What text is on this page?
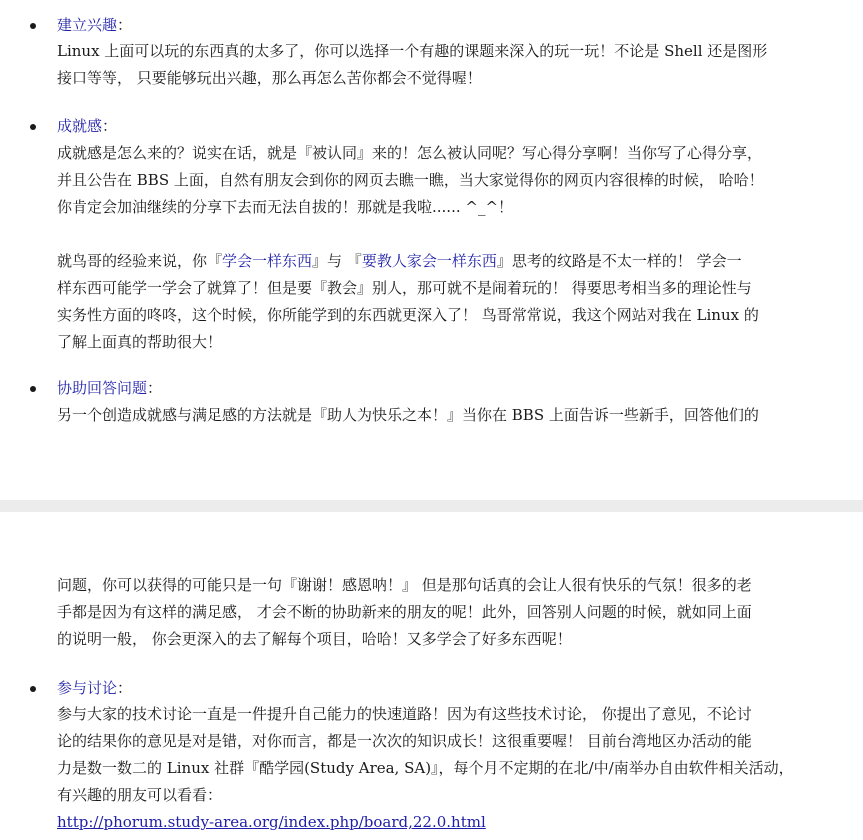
建立兴趣：
Linux 上面可以玩的东西真的太多了，你可以选择一个有趣的课题来深入的玩一玩！不论是 Shell 还是图形
接口等等， 只要能够玩出兴趣，那么再怎么苦你都会不觉得喔！
成就感：
成就感是怎么来的？说实在话，就是『被认同』来的！怎么被认同呢？写心得分享啊！当你写了心得分享，
并且公告在 BBS 上面，自然有朋友会到你的网页去瞧一瞧，当大家觉得你的网页内容很棒的时候， 哈哈！
你肯定会加油继续的分享下去而无法自拔的！那就是我啦...... ^_^！
就鸟哥的经验来说，你『学会一样东西』与 『要教人家会一样东西』思考的纹路是不太一样的！ 学会一
样东西可能学一学会了就算了！但是要『教会』别人，那可就不是闹着玩的！ 得要思考相当多的理论性与
实务性方面的咚咚，这个时候，你所能学到的东西就更深入了！ 鸟哥常常说，我这个网站对我在 Linux 的
了解上面真的帮助很大！
协助回答问题：
另一个创造成就感与满足感的方法就是『助人为快乐之本！』当你在 BBS 上面告诉一些新手，回答他们的
问题，你可以获得的可能只是一句『谢谢！感恩呐！』 但是那句话真的会让人很有快乐的气氛！很多的老
手都是因为有这样的满足感， 才会不断的协助新来的朋友的呢！此外，回答别人问题的时候，就如同上面
的说明一般， 你会更深入的去了解每个项目，哈哈！又多学会了好多东西呢！
参与讨论：
参与大家的技术讨论一直是一件提升自己能力的快速道路！因为有这些技术讨论， 你提出了意见，不论讨
论的结果你的意见是对是错，对你而言，都是一次次的知识成长！这很重要喔！ 目前台湾地区办活动的能
力是数一数二的 Linux 社群『酷学园(Study Area, SA)』，每个月不定期的在北/中/南举办自由软件相关活动，
有兴趣的朋友可以看看：
http://phorum.study-area.org/index.php/board,22.0.html
